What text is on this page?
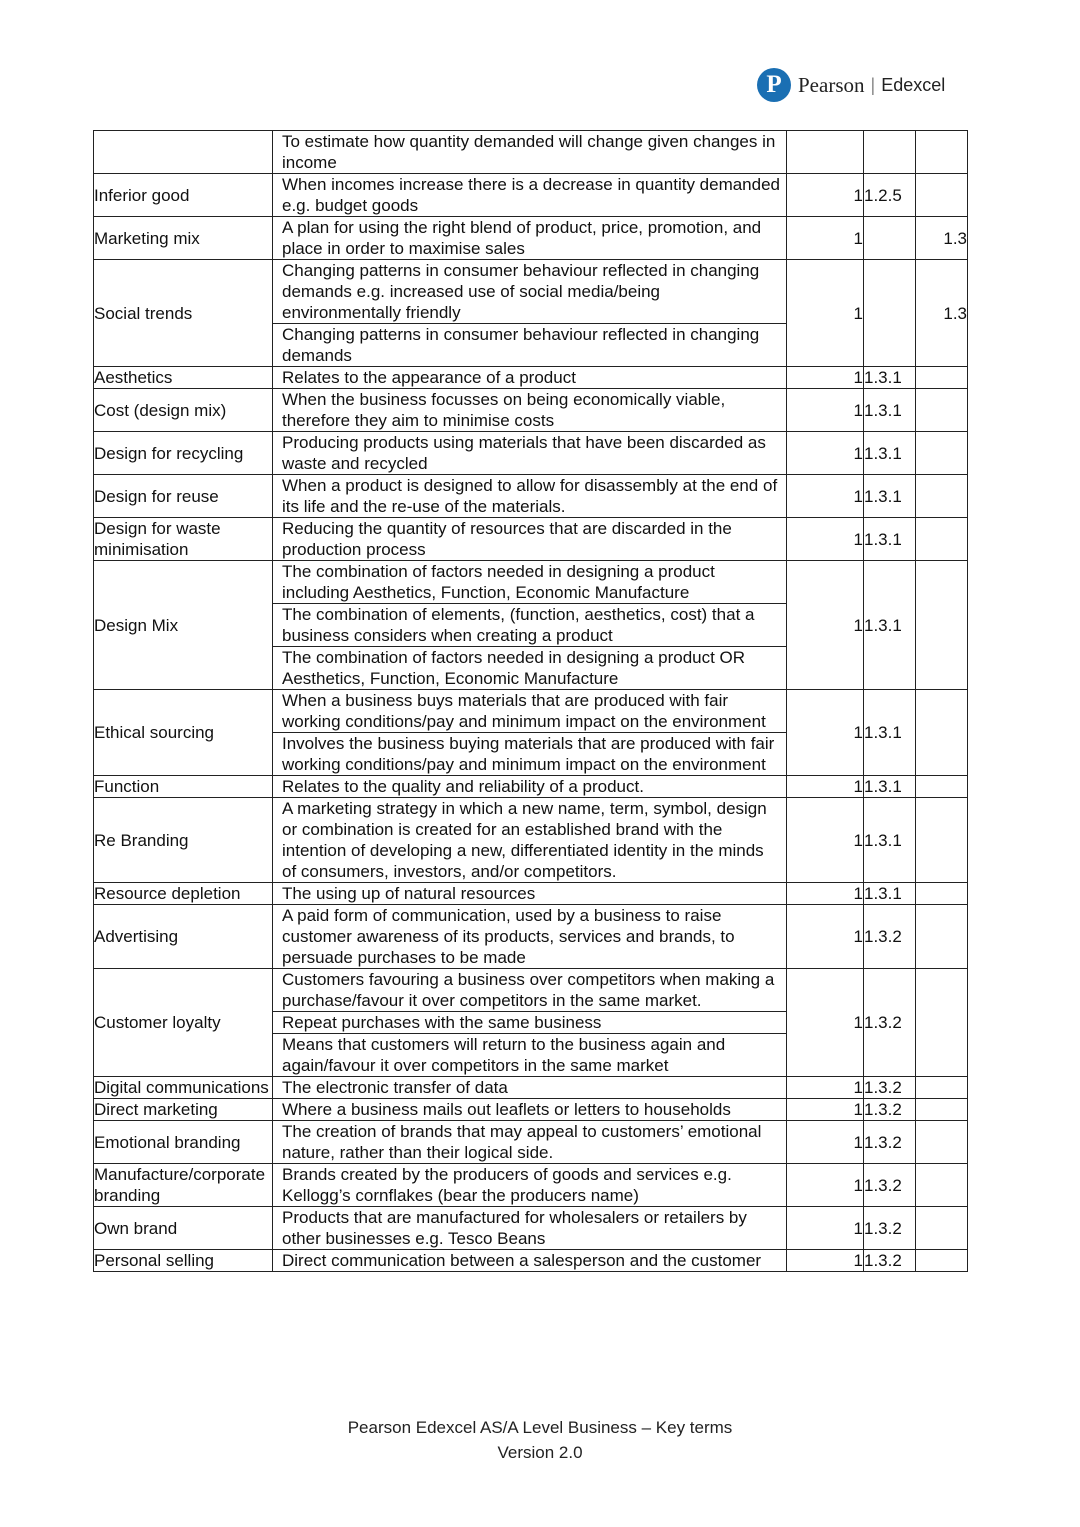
P Pearson | Edexcel

	To estimate how quantity demanded will change given changes in income			

Inferior good	When incomes increase there is a decrease in quantity demanded e.g. budget goods	1	1.2.5	
Marketing mix	A plan for using the right blend of product, price, promotion, and place in order to maximise sales	1		1.3
Social trends	Changing patterns in consumer behaviour reflected in changing demands e.g. increased use of social media/being environmentally friendly
Changing patterns in consumer behaviour reflected in changing demands	1		1.3
Aesthetics	Relates to the appearance of a product	1	1.3.1	
Cost (design mix)	When the business focusses on being economically viable, therefore they aim to minimise costs	1	1.3.1	
Design for recycling	Producing products using materials that have been discarded as waste and recycled	1	1.3.1	
Design for reuse	When a product is designed to allow for disassembly at the end of its life and the re-use of the materials.	1	1.3.1	
Design for waste minimisation	Reducing the quantity of resources that are discarded in the production process	1	1.3.1	
Design Mix	The combination of factors needed in designing a product including Aesthetics, Function, Economic Manufacture
The combination of elements, (function, aesthetics, cost) that a business considers when creating a product
The combination of factors needed in designing a product OR Aesthetics, Function, Economic Manufacture	1	1.3.1	
Ethical sourcing	When a business buys materials that are produced with fair working conditions/pay and minimum impact on the environment
Involves the business buying materials that are produced with fair working conditions/pay and minimum impact on the environment	1	1.3.1	
Function	Relates to the quality and reliability of a product.	1	1.3.1	
Re Branding	A marketing strategy in which a new name, term, symbol, design or combination is created for an established brand with the intention of developing a new, differentiated identity in the minds of consumers, investors, and/or competitors.	1	1.3.1	
Resource depletion	The using up of natural resources	1	1.3.1	
Advertising	A paid form of communication, used by a business to raise customer awareness of its products, services and brands, to persuade purchases to be made	1	1.3.2	
Customer loyalty	Customers favouring a business over competitors when making a purchase/favour it over competitors in the same market.
Repeat purchases with the same business
Means that customers will return to the business again and again/favour it over competitors in the same market	1	1.3.2	
Digital communications	The electronic transfer of data	1	1.3.2	
Direct marketing	Where a business mails out leaflets or letters to households	1	1.3.2	
Emotional branding	The creation of brands that may appeal to customers’ emotional nature, rather than their logical side.	1	1.3.2	
Manufacture/corporate branding	Brands created by the producers of goods and services e.g. Kellogg’s cornflakes (bear the producers name)	1	1.3.2	
Own brand	Products that are manufactured for wholesalers or retailers by other businesses e.g. Tesco Beans	1	1.3.2	
Personal selling	Direct communication between a salesperson and the customer	1	1.3.2	
Pearson Edexcel AS/A Level Business – Key terms
Version 2.0
